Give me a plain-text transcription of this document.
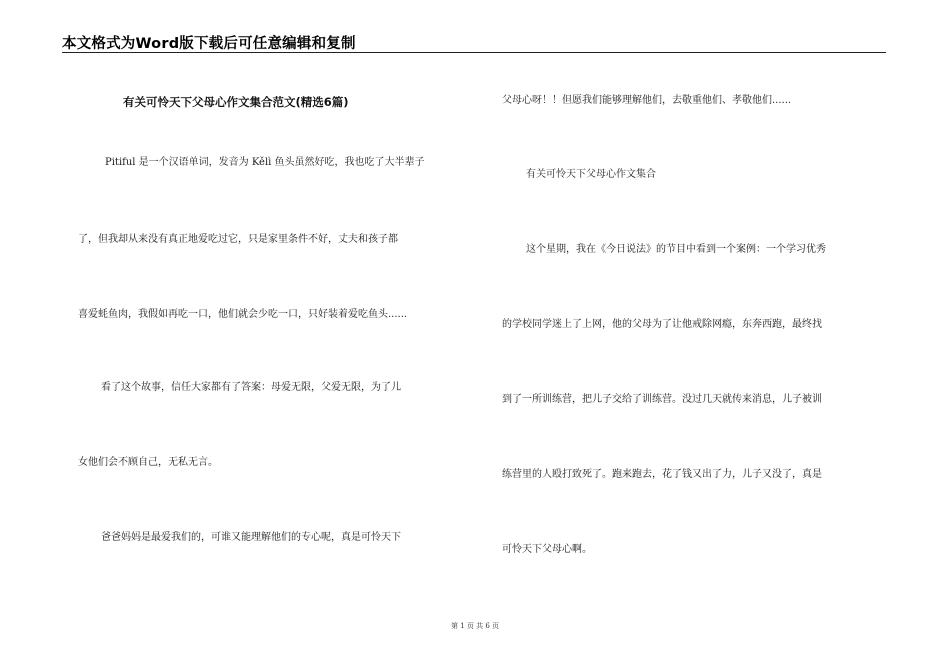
本文格式为Word版下载后可任意编辑和复制
有关可怜天下父母心作文集合范文(精选6篇)
Pitiful 是一个汉语单词，发音为 Kělì 鱼头虽然好吃，我也吃了大半辈子
了，但我却从来没有真正地爱吃过它，只是家里条件不好，丈夫和孩子都
喜爱蚝鱼肉，我假如再吃一口，他们就会少吃一口，只好装着爱吃鱼头......
看了这个故事，信任大家都有了答案：母爱无限，父爱无限，为了儿
女他们会不顾自己，无私无言。
爸爸妈妈是最爱我们的，可谁又能理解他们的专心呢，真是可怜天下
父母心呀！！但愿我们能够理解他们，去敬重他们、孝敬他们......
有关可怜天下父母心作文集合
这个星期，我在《今日说法》的节目中看到一个案例：一个学习优秀
的学校同学迷上了上网，他的父母为了让他戒除网瘾，东奔西跑，最终找
到了一所训练营，把儿子交给了训练营。没过几天就传来消息，儿子被训
练营里的人殴打致死了。跑来跑去，花了钱又出了力，儿子又没了，真是
可怜天下父母心啊。
第 1 页 共 6 页
